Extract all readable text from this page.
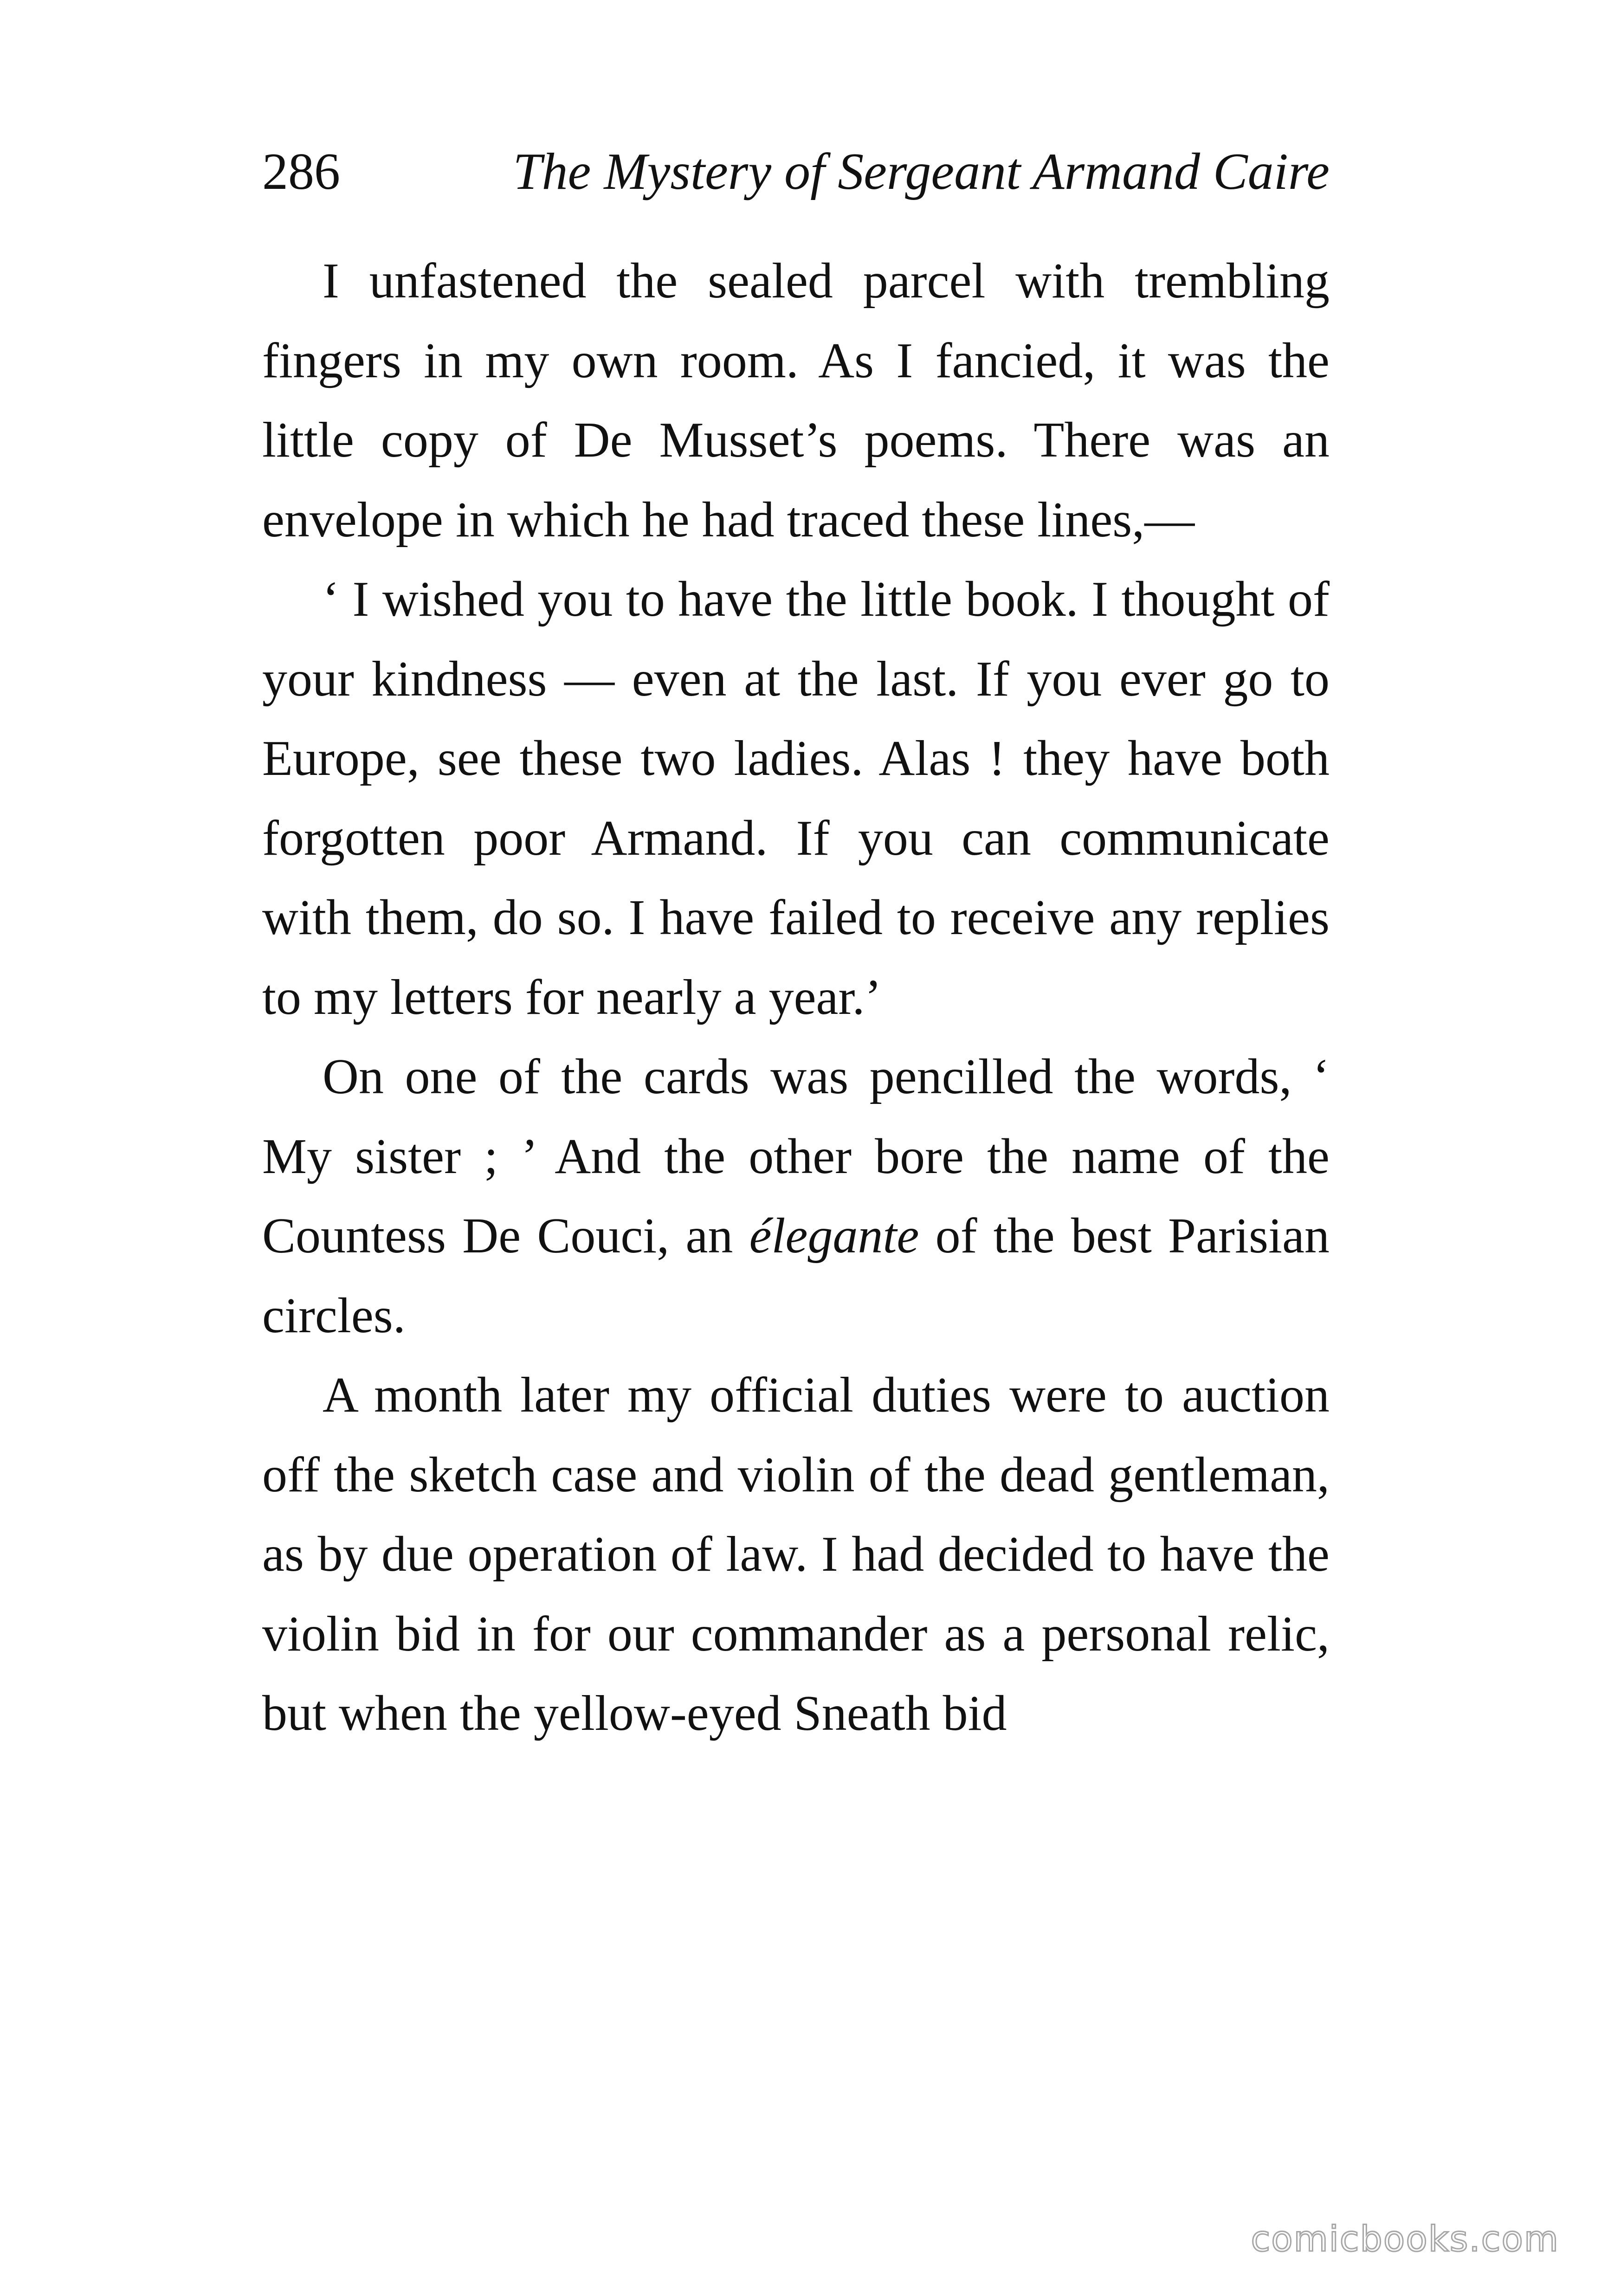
286	The Mystery of Sergeant Armand Caire

I unfastened the sealed parcel with trembling fingers in my own room. As I fancied, it was the little copy of De Musset’s poems. There was an envelope in which he had traced these lines,—

‘ I wished you to have the little book. I thought of your kindness — even at the last. If you ever go to Europe, see these two ladies. Alas ! they have both forgotten poor Armand. If you can communicate with them, do so. I have failed to receive any replies to my letters for nearly a year.’

On one of the cards was pencilled the words, ‘ My sister ; ’ And the other bore the name of the Countess De Couci, an élegante of the best Parisian circles.

A month later my official duties were to auction off the sketch case and violin of the dead gentleman, as by due operation of law. I had decided to have the violin bid in for our commander as a personal relic, but when the yellow-eyed Sneath bid

comicbooks.com
